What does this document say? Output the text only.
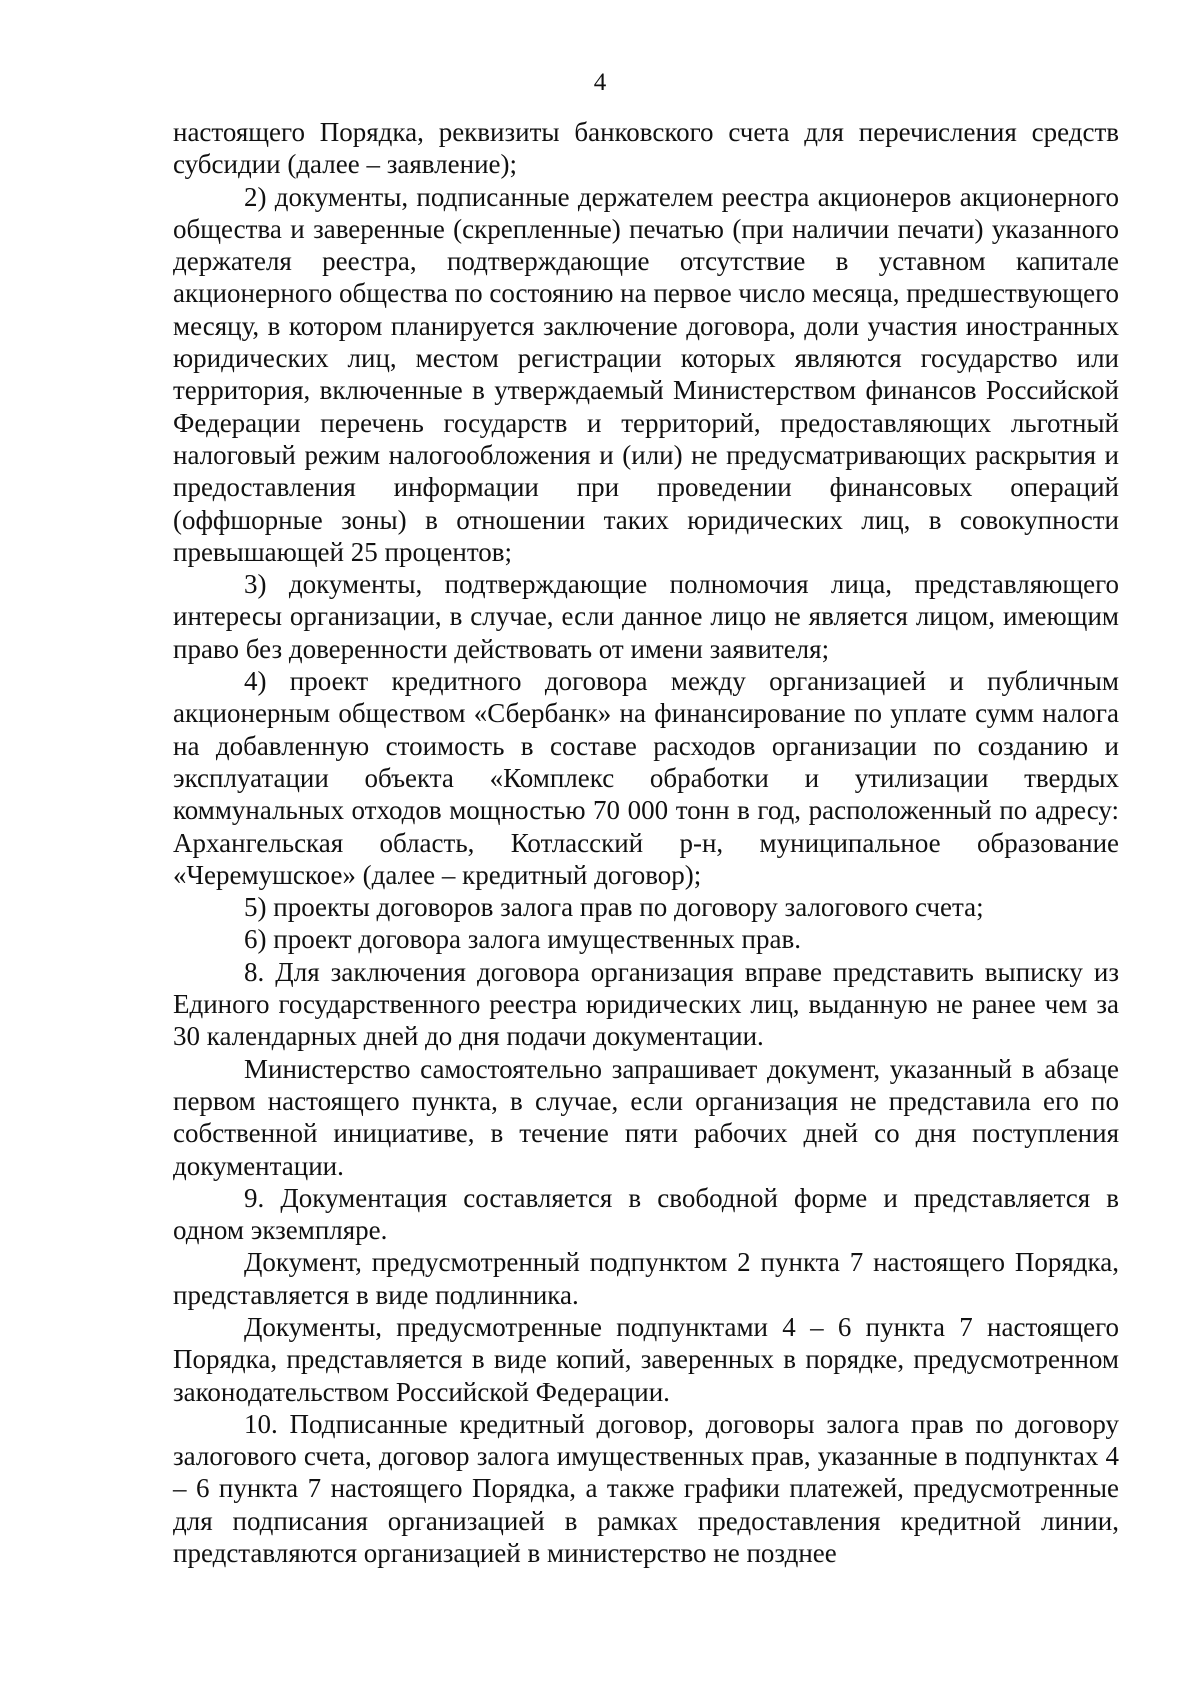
4

настоящего Порядка, реквизиты банковского счета для перечисления средств субсидии (далее – заявление);

2) документы, подписанные держателем реестра акционеров акционерного общества и заверенные (скрепленные) печатью (при наличии печати) указанного держателя реестра, подтверждающие отсутствие в уставном капитале акционерного общества по состоянию на первое число месяца, предшествующего месяцу, в котором планируется заключение договора, доли участия иностранных юридических лиц, местом регистрации которых являются государство или территория, включенные в утверждаемый Министерством финансов Российской Федерации перечень государств и территорий, предоставляющих льготный налоговый режим налогообложения и (или) не предусматривающих раскрытия и предоставления информации при проведении финансовых операций (оффшорные зоны) в отношении таких юридических лиц, в совокупности превышающей 25 процентов;

3) документы, подтверждающие полномочия лица, представляющего интересы организации, в случае, если данное лицо не является лицом, имеющим право без доверенности действовать от имени заявителя;

4) проект кредитного договора между организацией и публичным акционерным обществом «Сбербанк» на финансирование по уплате сумм налога на добавленную стоимость в составе расходов организации по созданию и эксплуатации объекта «Комплекс обработки и утилизации твердых коммунальных отходов мощностью 70 000 тонн в год, расположенный по адресу: Архангельская область, Котласский р-н, муниципальное образование «Черемушское» (далее – кредитный договор);

5) проекты договоров залога прав по договору залогового счета;

6) проект договора залога имущественных прав.

8. Для заключения договора организация вправе представить выписку из Единого государственного реестра юридических лиц, выданную не ранее чем за 30 календарных дней до дня подачи документации.

Министерство самостоятельно запрашивает документ, указанный в абзаце первом настоящего пункта, в случае, если организация не представила его по собственной инициативе, в течение пяти рабочих дней со дня поступления документации.

9. Документация составляется в свободной форме и представляется в одном экземпляре.

Документ, предусмотренный подпунктом 2 пункта 7 настоящего Порядка, представляется в виде подлинника.

Документы, предусмотренные подпунктами 4 – 6 пункта 7 настоящего Порядка, представляется в виде копий, заверенных в порядке, предусмотренном законодательством Российской Федерации.

10. Подписанные кредитный договор, договоры залога прав по договору залогового счета, договор залога имущественных прав, указанные в подпунктах 4 – 6 пункта 7 настоящего Порядка, а также графики платежей, предусмотренные для подписания организацией в рамках предоставления кредитной линии, представляются организацией в министерство не позднее
